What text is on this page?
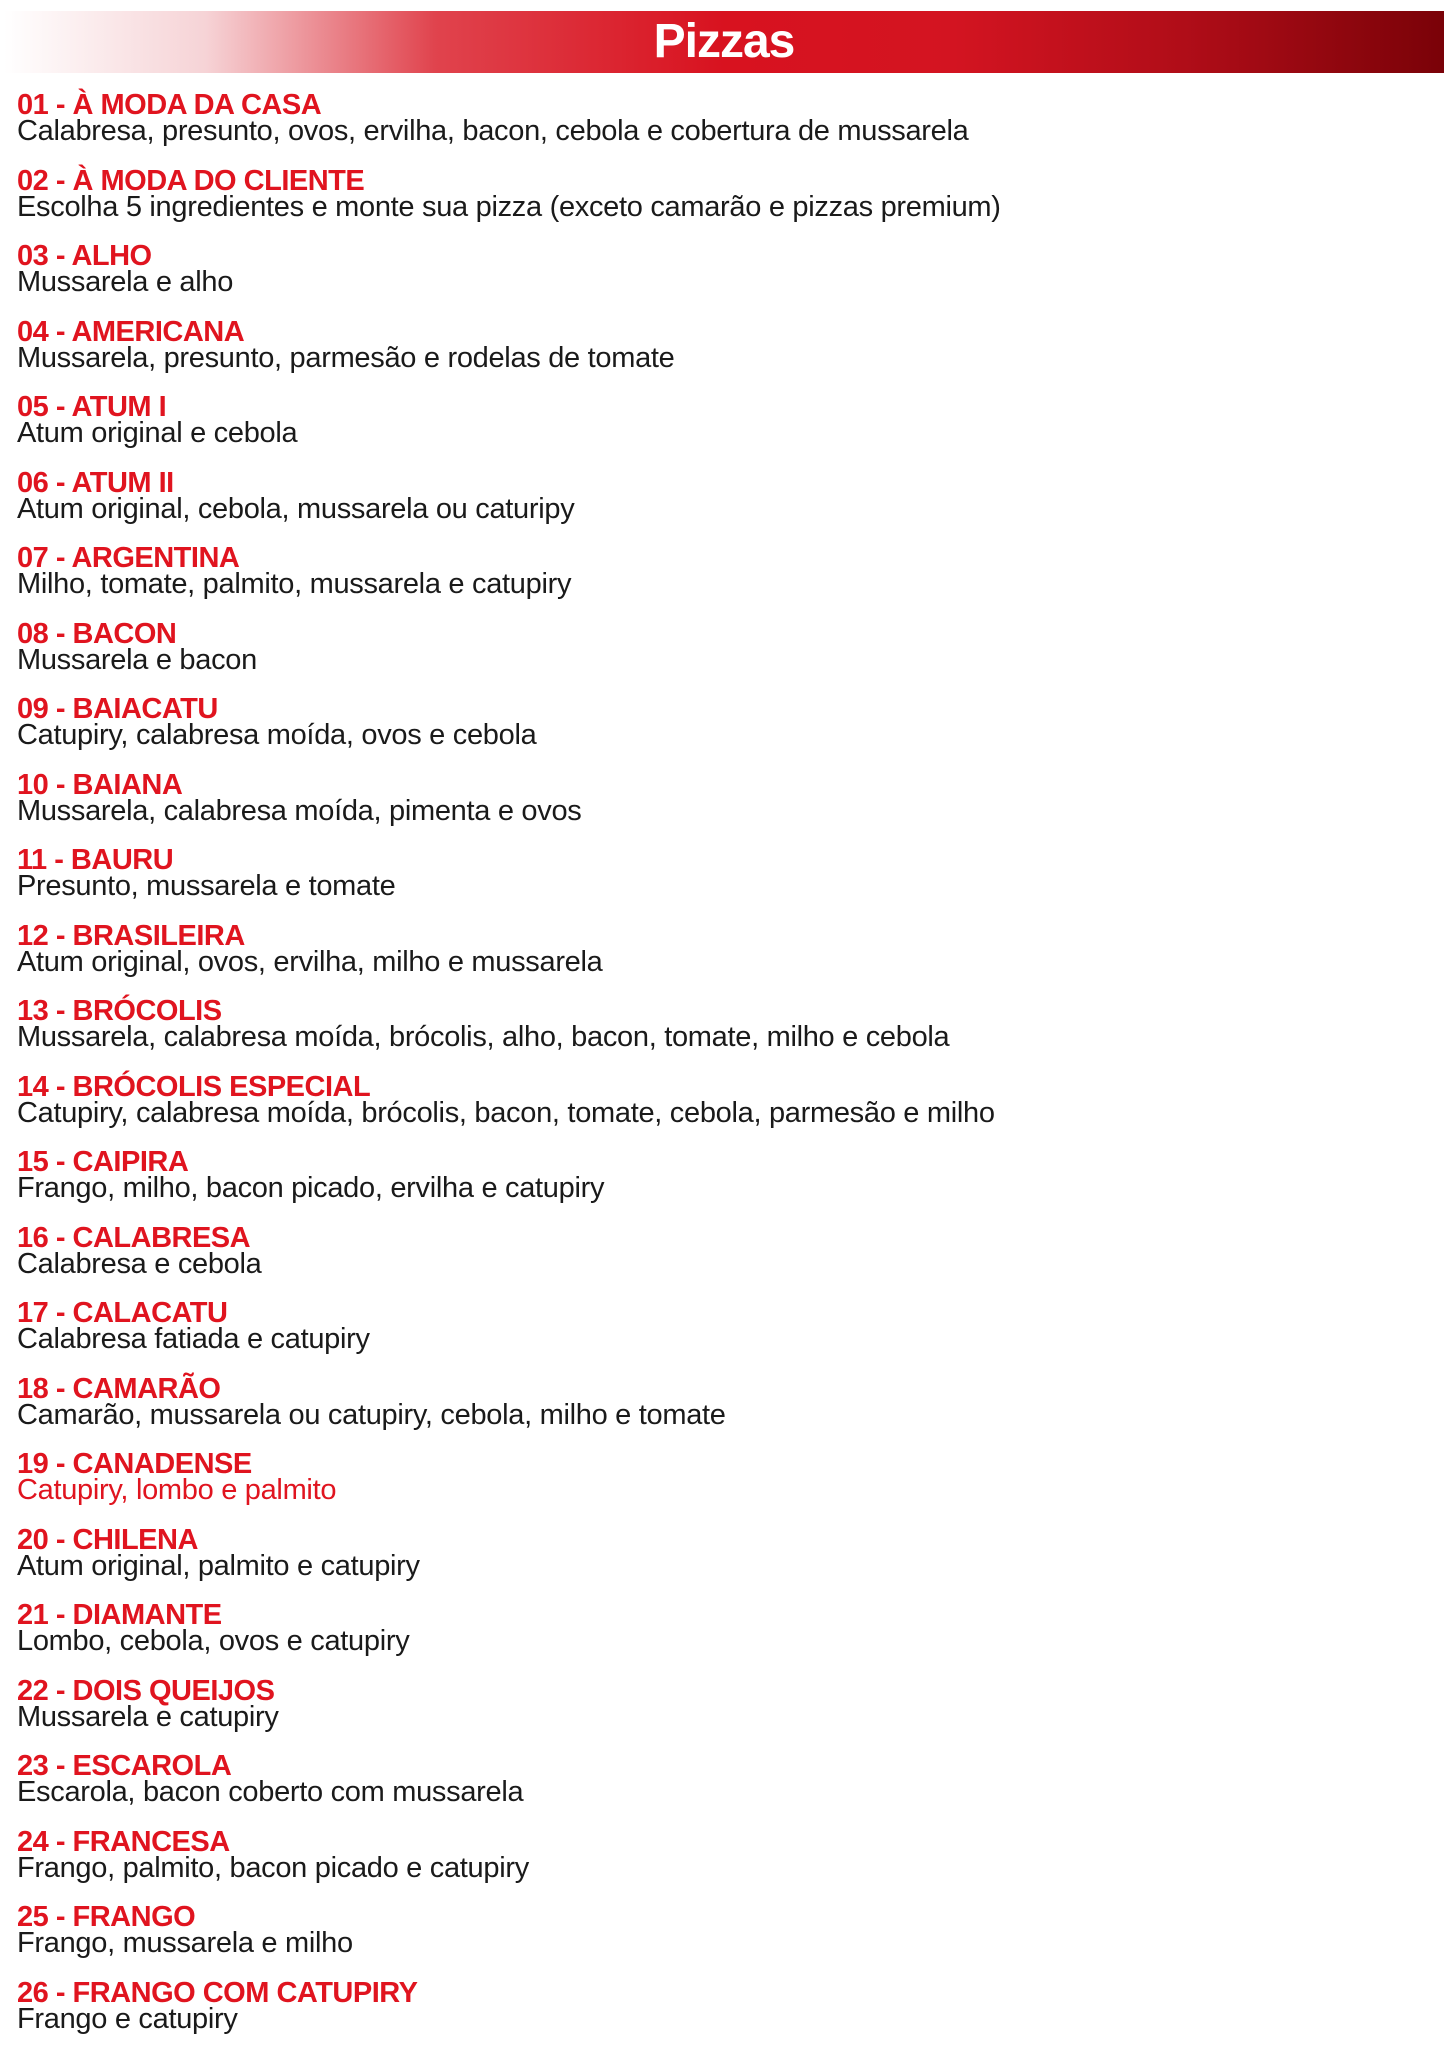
Pizzas
01 - À MODA DA CASA
Calabresa, presunto, ovos, ervilha, bacon, cebola e cobertura de mussarela
02 - À MODA DO CLIENTE
Escolha 5 ingredientes e monte sua pizza (exceto camarão e pizzas premium)
03 - ALHO
Mussarela e alho
04 - AMERICANA
Mussarela, presunto, parmesão e rodelas de tomate
05 - ATUM I
Atum original e cebola
06 - ATUM II
Atum original, cebola, mussarela ou caturipy
07 - ARGENTINA
Milho, tomate, palmito, mussarela e catupiry
08 - BACON
Mussarela e bacon
09 - BAIACATU
Catupiry, calabresa moída, ovos e cebola
10 - BAIANA
Mussarela, calabresa moída, pimenta e ovos
11 - BAURU
Presunto, mussarela e tomate
12 - BRASILEIRA
Atum original, ovos, ervilha, milho e mussarela
13 - BRÓCOLIS
Mussarela, calabresa moída, brócolis, alho, bacon, tomate, milho e cebola
14 - BRÓCOLIS ESPECIAL
Catupiry, calabresa moída, brócolis, bacon, tomate, cebola, parmesão e milho
15 - CAIPIRA
Frango, milho, bacon picado, ervilha e catupiry
16 - CALABRESA
Calabresa e cebola
17 - CALACATU
Calabresa fatiada e catupiry
18 - CAMARÃO
Camarão, mussarela ou catupiry, cebola, milho e tomate
19 - CANADENSE
Catupiry, lombo e palmito
20 - CHILENA
Atum original, palmito e catupiry
21 - DIAMANTE
Lombo, cebola, ovos e catupiry
22 - DOIS QUEIJOS
Mussarela e catupiry
23 - ESCAROLA
Escarola, bacon coberto com mussarela
24 - FRANCESA
Frango, palmito, bacon picado e catupiry
25 - FRANGO
Frango, mussarela e milho
26 - FRANGO COM CATUPIRY
Frango e catupiry
